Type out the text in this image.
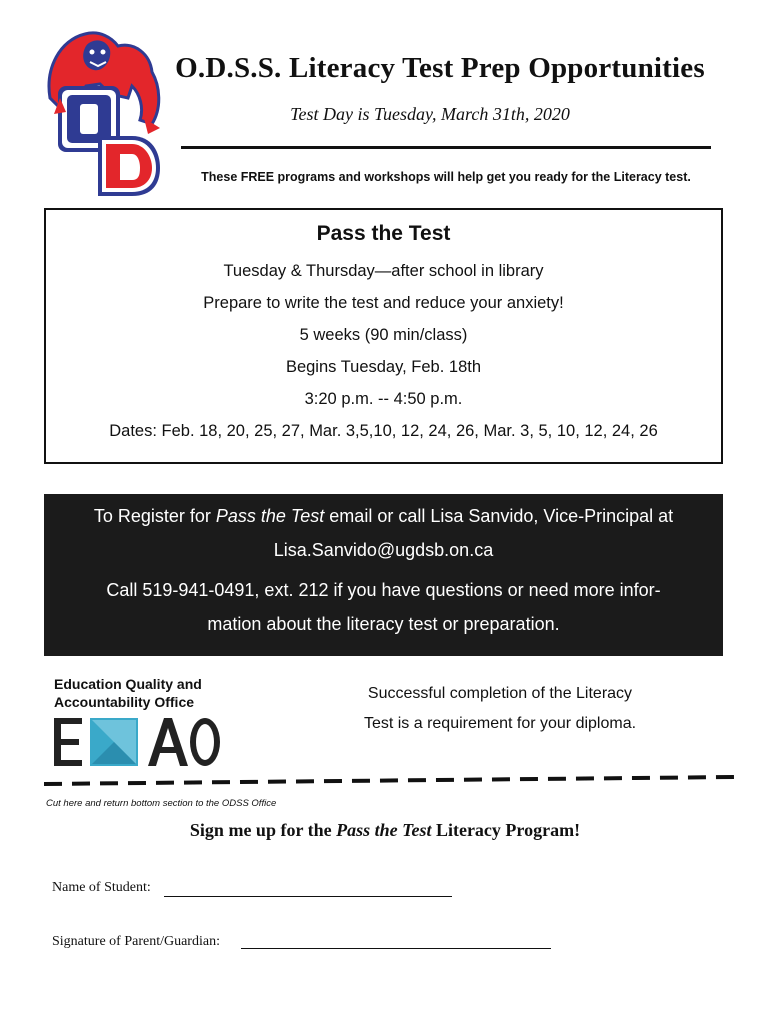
O.D.S.S. Literacy Test Prep Opportunities
Test Day is Tuesday, March 31th, 2020
These FREE programs and workshops will help get you ready for the Literacy test.
Pass the Test
Tuesday & Thursday—after school in library
Prepare to write the test and reduce your anxiety!
5 weeks (90 min/class)
Begins Tuesday, Feb. 18th
3:20 p.m. -- 4:50 p.m.
Dates: Feb. 18, 20, 25, 27, Mar. 3,5,10, 12, 24, 26, Mar. 3, 5, 10, 12, 24, 26
To Register for Pass the Test email or call Lisa Sanvido, Vice-Principal at
Lisa.Sanvido@ugdsb.on.ca
Call 519-941-0491, ext. 212 if you have questions or need more infor-
mation about the literacy test or preparation.
Education Quality and
Accountability Office	Successful completion of the Literacy
Test is a requirement for your diploma.
Cut here and return bottom section to the ODSS Office
Sign me up for the Pass the Test Literacy Program!
Name of Student:
Signature of Parent/Guardian:
